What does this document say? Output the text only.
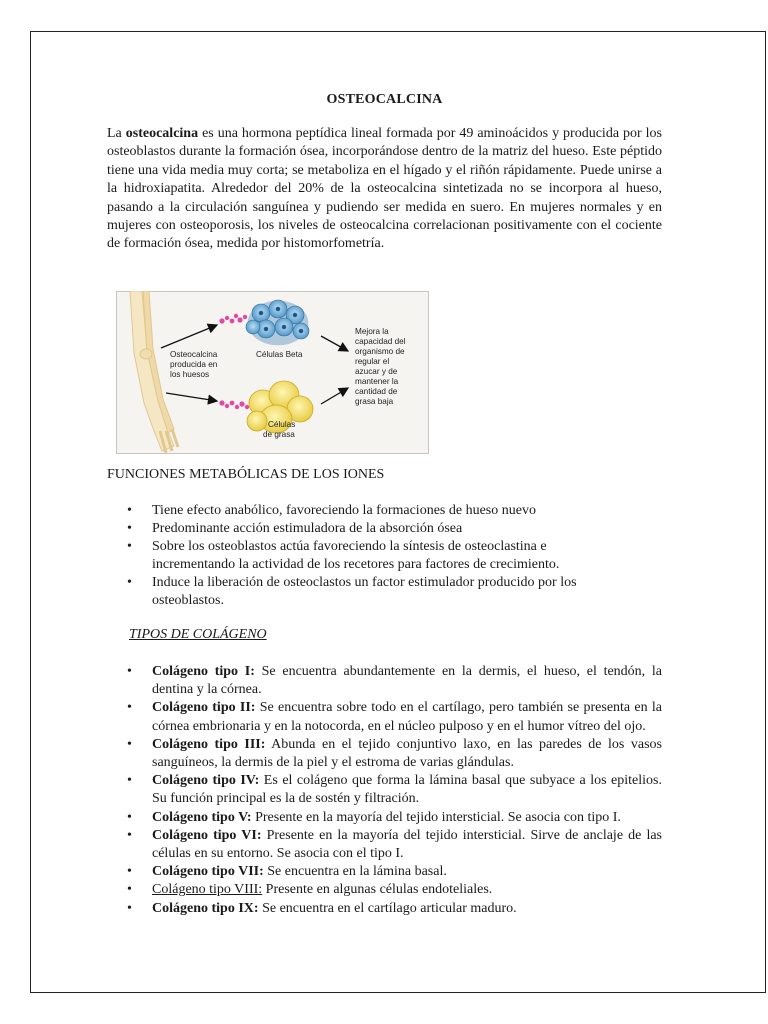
OSTEOCALCINA

La osteocalcina es una hormona peptídica lineal formada por 49 aminoácidos y producida por los osteoblastos durante la formación ósea, incorporándose dentro de la matriz del hueso. Este péptido tiene una vida media muy corta; se metaboliza en el hígado y el riñón rápidamente. Puede unirse a la hidroxiapatita. Alrededor del 20% de la osteocalcina sintetizada no se incorpora al hueso, pasando a la circulación sanguínea y pudiendo ser medida en suero. En mujeres normales y en mujeres con osteoporosis, los niveles de osteocalcina correlacionan positivamente con el cociente de formación ósea, medida por histomorfometría.

Osteocalcina
producida en
los huesos
Células Beta
Células
de grasa
Mejora la
capacidad del
organismo de
regular el
azucar y de
mantener la
cantidad de
grasa baja
FUNCIONES METABÓLICAS DE LOS IONES
• Tiene efecto anabólico, favoreciendo la formaciones de hueso nuevo
• Predominante acción estimuladora de la absorción ósea
• Sobre los osteoblastos actúa favoreciendo la síntesis de osteoclastina e incrementando la actividad de los recetores para factores de crecimiento.
• Induce la liberación de osteoclastos un factor estimulador producido por los osteoblastos.
TIPOS DE COLÁGENO
• Colágeno tipo I: Se encuentra abundantemente en la dermis, el hueso, el tendón, la dentina y la córnea.
• Colágeno tipo II: Se encuentra sobre todo en el cartílago, pero también se presenta en la córnea embrionaria y en la notocorda, en el núcleo pulposo y en el humor vítreo del ojo.
• Colágeno tipo III: Abunda en el tejido conjuntivo laxo, en las paredes de los vasos sanguíneos, la dermis de la piel y el estroma de varias glándulas.
• Colágeno tipo IV: Es el colágeno que forma la lámina basal que subyace a los epitelios. Su función principal es la de sostén y filtración.
• Colágeno tipo V: Presente en la mayoría del tejido intersticial. Se asocia con tipo I.
• Colágeno tipo VI: Presente en la mayoría del tejido intersticial. Sirve de anclaje de las células en su entorno. Se asocia con el tipo I.
• Colágeno tipo VII: Se encuentra en la lámina basal.
• Colágeno tipo VIII: Presente en algunas células endoteliales.
• Colágeno tipo IX: Se encuentra en el cartílago articular maduro.
